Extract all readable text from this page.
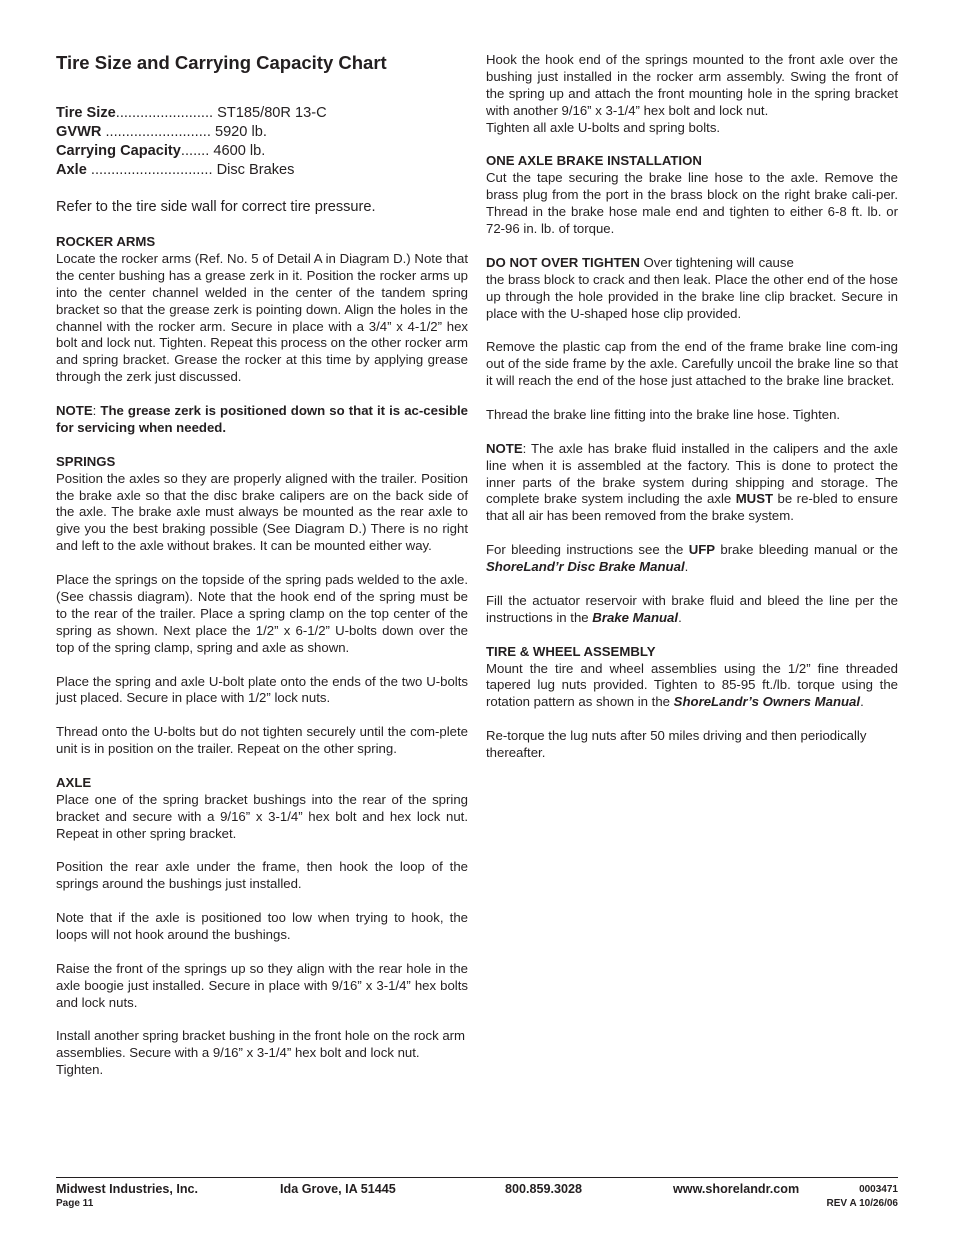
Tire Size and Carrying Capacity Chart
Tire Size........................ ST185/80R 13-C
GVWR .......................... 5920 lb.
Carrying Capacity....... 4600 lb.
Axle .............................. Disc Brakes
Refer to the tire side wall for correct tire pressure.
ROCKER ARMS
Locate the rocker arms (Ref. No. 5 of Detail A in Diagram D.) Note that the center bushing has a grease zerk in it. Position the rocker arms up into the center channel welded in the center of the tandem spring bracket so that the grease zerk is pointing down. Align the holes in the channel with the rocker arm. Secure in place with a 3/4” x 4-1/2” hex bolt and lock nut. Tighten. Repeat this process on the other rocker arm and spring bracket. Grease the rocker at this time by applying grease through the zerk just discussed.
NOTE: The grease zerk is positioned down so that it is ac-cesible for servicing when needed.
SPRINGS
Position the axles so they are properly aligned with the trailer. Position the brake axle so that the disc brake calipers are on the back side of the axle. The brake axle must always be mounted as the rear axle to give you the best braking possible (See Diagram D.) There is no right and left to the axle without brakes. It can be mounted either way.
Place the springs on the topside of the spring pads welded to the axle. (See chassis diagram). Note that the hook end of the spring must be to the rear of the trailer. Place a spring clamp on the top center of the spring as shown. Next place the 1/2” x 6-1/2” U-bolts down over the top of the spring clamp, spring and axle as shown.
Place the spring and axle U-bolt plate onto the ends of the two U-bolts just placed. Secure in place with 1/2” lock nuts.
Thread onto the U-bolts but do not tighten securely until the com-plete unit is in position on the trailer. Repeat on the other spring.
AXLE
Place one of the spring bracket bushings into the rear of the spring bracket and secure with a 9/16” x 3-1/4” hex bolt and hex lock nut. Repeat in other spring bracket.
Position the rear axle under the frame, then hook the loop of the springs around the bushings just installed.
Note that if the axle is positioned too low when trying to hook, the loops will not hook around the bushings.
Raise the front of the springs up so they align with the rear hole in the axle boogie just installed. Secure in place with 9/16” x 3-1/4” hex bolts and lock nuts.
Install another spring bracket bushing in the front hole on the rock arm assemblies. Secure with a 9/16” x 3-1/4” hex bolt and lock nut. Tighten.
Hook the hook end of the springs mounted to the front axle over the bushing just installed in the rocker arm assembly. Swing the front of the spring up and attach the front mounting hole in the spring bracket with another 9/16” x 3-1/4” hex bolt and lock nut.
Tighten all axle U-bolts and spring bolts.
ONE AXLE BRAKE INSTALLATION
Cut the tape securing the brake line hose to the axle. Remove the brass plug from the port in the brass block on the right brake cali-per. Thread in the brake hose male end and tighten to either 6-8 ft. lb. or 72-96 in. lb. of torque.
DO NOT OVER TIGHTEN Over tightening will cause
the brass block to crack and then leak. Place the other end of the hose up through the hole provided in the brake line clip bracket. Secure in place with the U-shaped hose clip provided.
Remove the plastic cap from the end of the frame brake line com-ing out of the side frame by the axle. Carefully uncoil the brake line so that it will reach the end of the hose just attached to the brake line bracket.
Thread the brake line fitting into the brake line hose. Tighten.
NOTE: The axle has brake fluid installed in the calipers and the axle line when it is assembled at the factory. This is done to protect the inner parts of the brake system during shipping and storage. The complete brake system including the axle MUST be re-bled to ensure that all air has been removed from the brake system.
For bleeding instructions see the UFP brake bleeding manual or the ShoreLand’r Disc Brake Manual.
Fill the actuator reservoir with brake fluid and bleed the line per the instructions in the Brake Manual.
TIRE & WHEEL ASSEMBLY
Mount the tire and wheel assemblies using the 1/2” fine threaded tapered lug nuts provided. Tighten to 85-95 ft./lb. torque using the rotation pattern as shown in the ShoreLandr’s Owners Manual.
Re-torque the lug nuts after 50 miles driving and then periodically thereafter.
Midwest Industries, Inc.	Ida Grove, IA 51445	800.859.3028	www.shorelandr.com	0003471
Page 11	REV A 10/26/06
